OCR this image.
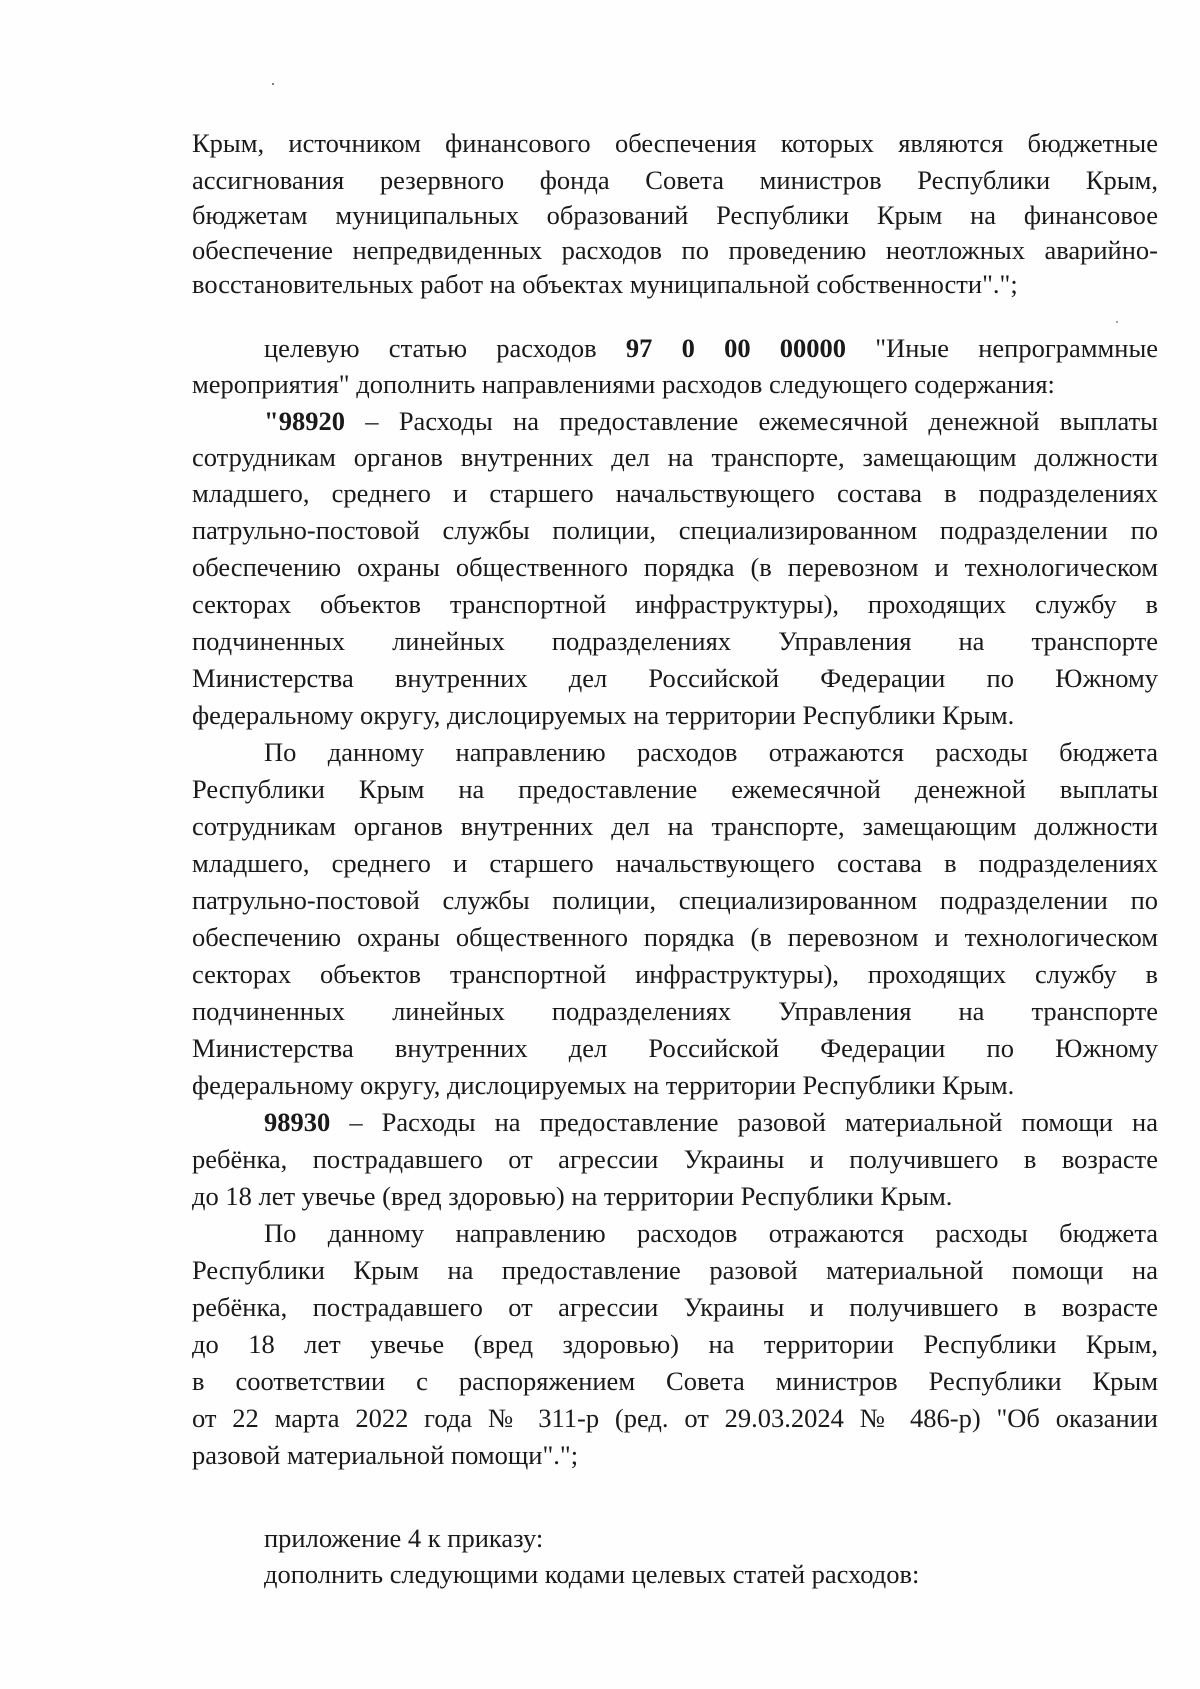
Крым, источником финансового обеспечения которых являются бюджетные
ассигнования резервного фонда Совета министров Республики Крым,
бюджетам муниципальных образований Республики Крым на финансовое
обеспечение непредвиденных расходов по проведению неотложных аварийно-
восстановительных работ на объектах муниципальной собственности".";
целевую статью расходов 97 0 00 00000 "Иные непрограммные
мероприятия" дополнить направлениями расходов следующего содержания:
"98920 – Расходы на предоставление ежемесячной денежной выплаты
сотрудникам органов внутренних дел на транспорте, замещающим должности
младшего, среднего и старшего начальствующего состава в подразделениях
патрульно-постовой службы полиции, специализированном подразделении по
обеспечению охраны общественного порядка (в перевозном и технологическом
секторах объектов транспортной инфраструктуры), проходящих службу в
подчиненных линейных подразделениях Управления на транспорте
Министерства внутренних дел Российской Федерации по Южному
федеральному округу, дислоцируемых на территории Республики Крым.
По данному направлению расходов отражаются расходы бюджета
Республики Крым на предоставление ежемесячной денежной выплаты
сотрудникам органов внутренних дел на транспорте, замещающим должности
младшего, среднего и старшего начальствующего состава в подразделениях
патрульно-постовой службы полиции, специализированном подразделении по
обеспечению охраны общественного порядка (в перевозном и технологическом
секторах объектов транспортной инфраструктуры), проходящих службу в
подчиненных линейных подразделениях Управления на транспорте
Министерства внутренних дел Российской Федерации по Южному
федеральному округу, дислоцируемых на территории Республики Крым.
98930 – Расходы на предоставление разовой материальной помощи на
ребёнка, пострадавшего от агрессии Украины и получившего в возрасте
до 18 лет увечье (вред здоровью) на территории Республики Крым.
По данному направлению расходов отражаются расходы бюджета
Республики Крым на предоставление разовой материальной помощи на
ребёнка, пострадавшего от агрессии Украины и получившего в возрасте
до 18 лет увечье (вред здоровью) на территории Республики Крым,
в соответствии с распоряжением Совета министров Республики Крым
от 22 марта 2022 года № 311-р (ред. от 29.03.2024 № 486-р) "Об оказании
разовой материальной помощи".";
приложение 4 к приказу:
дополнить следующими кодами целевых статей расходов:
